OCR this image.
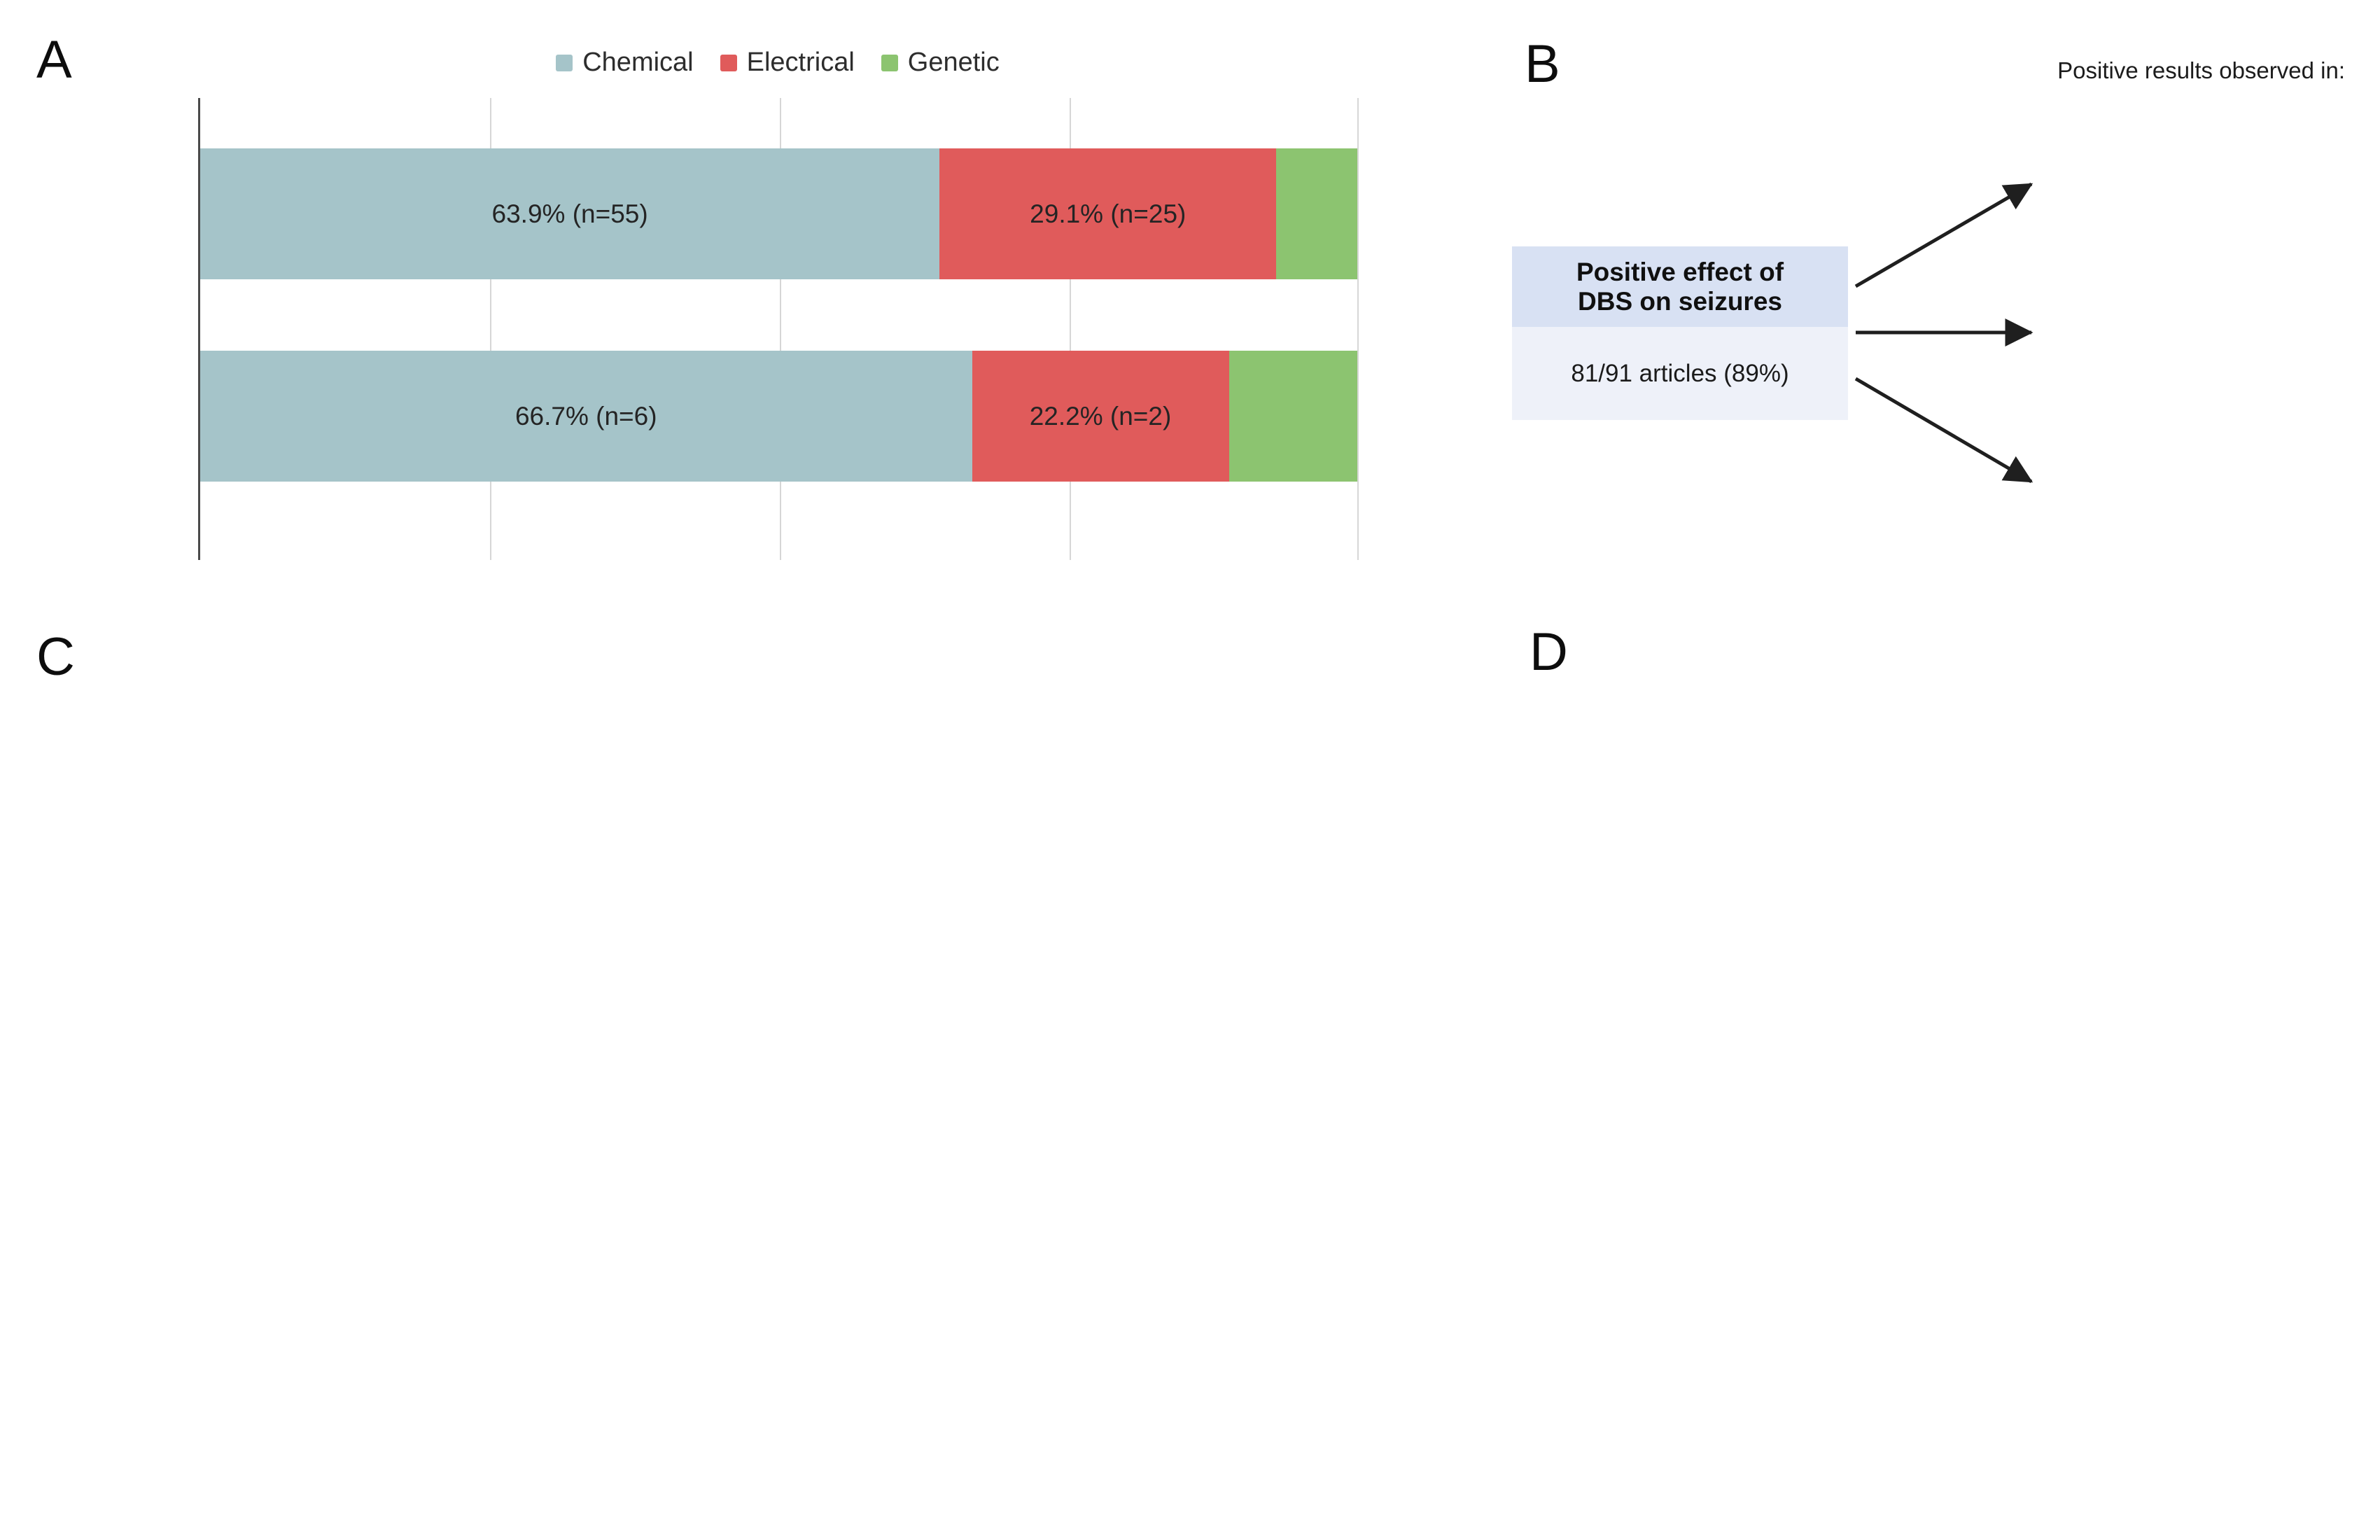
A	Chemical Electrical Genetic
63.9% (n=55)	29.1% (n=25)
66.7% (n=6)	22.2% (n=2)
B	Positive results observed in:
Positive effect of
DBS on seizures
81/91 articles (89%)
C	D
